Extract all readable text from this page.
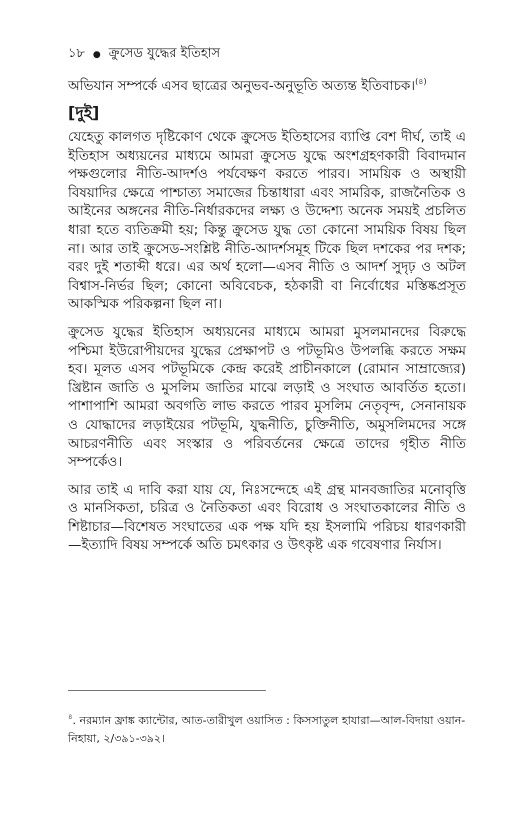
১৮ ● ক্রুসেড যুদ্ধের ইতিহাস
অভিযান সম্পর্কে এসব ছাত্রের অনুভব-অনুভূতি অত্যন্ত ইতিবাচক।$^{(৪)}$
[দুই]

যেহেতু কালগত দৃষ্টিকোণ থেকে ক্রুসেড ইতিহাসের ব্যাপ্তি বেশ দীর্ঘ, তাই এ ইতিহাস অধ্যয়নের মাধ্যমে আমরা ক্রুসেড যুদ্ধে অংশগ্রহণকারী বিবাদমান পক্ষগুলোর নীতি-আদর্শও পর্যবেক্ষণ করতে পারব। সাময়িক ও অস্থায়ী বিষয়াদির ক্ষেত্রে পাশ্চাত্য সমাজের চিন্তাধারা এবং সামরিক, রাজনৈতিক ও আইনের অঙ্গনের নীতি-নির্ধারকদের লক্ষ্য ও উদ্দেশ্য অনেক সময়ই প্রচলিত ধারা হতে ব্যতিক্রমী হয়; কিন্তু ক্রুসেড যুদ্ধ তো কোনো সাময়িক বিষয় ছিল না। আর তাই ক্রুসেড-সংশ্লিষ্ট নীতি-আদর্শসমূহ টিকে ছিল দশকের পর দশক; বরং দুই শতাব্দী ধরে। এর অর্থ হলো—এসব নীতি ও আদর্শ সুদৃঢ় ও অটল বিশ্বাস-নির্ভর ছিল; কোনো অবিবেচক, হঠকারী বা নির্বোধের মস্তিষ্কপ্রসূত আকস্মিক পরিকল্পনা ছিল না।

ক্রুসেড যুদ্ধের ইতিহাস অধ্যয়নের মাধ্যমে আমরা মুসলমানদের বিরুদ্ধে পশ্চিমা ইউরোপীয়দের যুদ্ধের প্রেক্ষাপট ও পটভূমিও উপলব্ধি করতে সক্ষম হব। মূলত এসব পটভূমিকে কেন্দ্র করেই প্রাচীনকালে (রোমান সাম্রাজ্যের) খ্রিষ্টান জাতি ও মুসলিম জাতির মাঝে লড়াই ও সংঘাত আবর্তিত হতো। পাশাপাশি আমরা অবগতি লাভ করতে পারব মুসলিম নেতৃবৃন্দ, সেনানায়ক ও যোদ্ধাদের লড়াইয়ের পটভূমি, যুদ্ধনীতি, চুক্তিনীতি, অমুসলিমদের সঙ্গে আচরণনীতি এবং সংস্কার ও পরিবর্তনের ক্ষেত্রে তাদের গৃহীত নীতি সম্পর্কেও।

আর তাই এ দাবি করা যায় যে, নিঃসন্দেহে এই গ্রন্থ মানবজাতির মনোবৃত্তি ও মানসিকতা, চরিত্র ও নৈতিকতা এবং বিরোধ ও সংঘাতকালের নীতি ও শিষ্টাচার—বিশেষত সংঘাতের এক পক্ষ যদি হয় ইসলামি পরিচয় ধারণকারী—ইত্যাদি বিষয় সম্পর্কে অতি চমৎকার ও উৎকৃষ্ট এক গবেষণার নির্যাস।

$^৪$. নরম্যান ফ্রাঙ্ক ক্যান্টোর, আত-তারীখুল ওয়াসিত : কিসসাতুল হাযারা—আল-বিদায়া ওয়ান-নিহায়া, ২/৩৯১-৩৯২।
